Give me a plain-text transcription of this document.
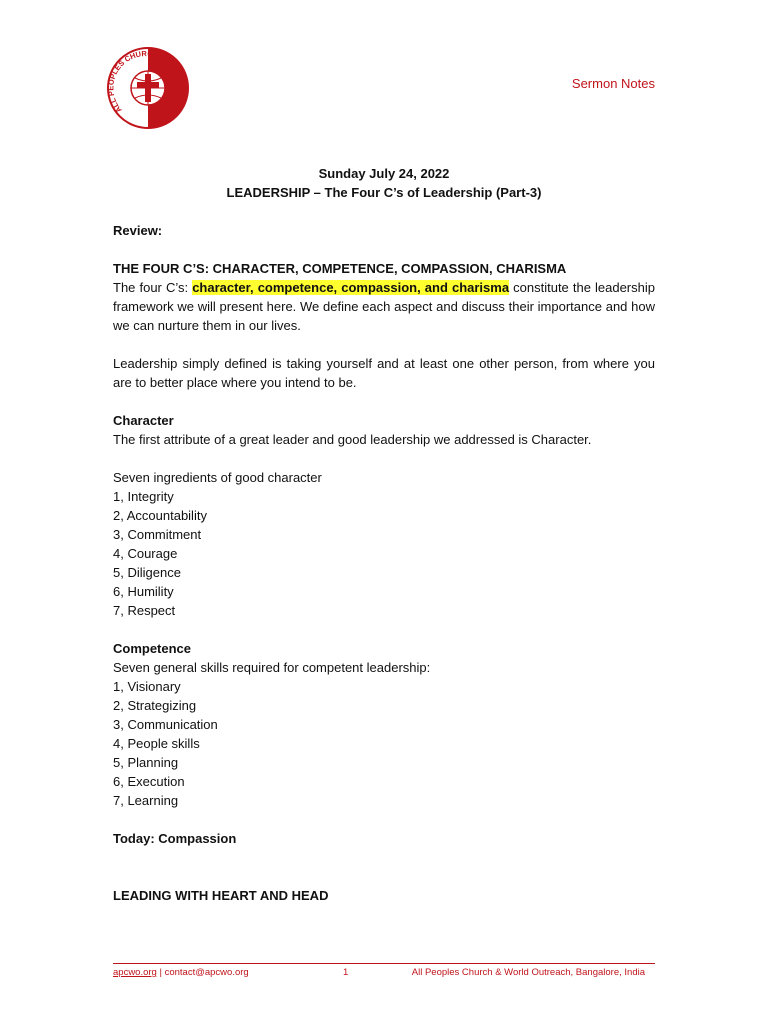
ALL PEOPLES CHURCH
Sermon Notes
Sunday July 24, 2022
LEADERSHIP – The Four C’s of Leadership (Part-3)
Review:
THE FOUR C’S: CHARACTER, COMPETENCE, COMPASSION, CHARISMA
The four C’s: character, competence, compassion, and charisma constitute the leadership framework we will present here. We define each aspect and discuss their importance and how we can nurture them in our lives.
Leadership simply defined is taking yourself and at least one other person, from where you are to better place where you intend to be.
Character
The first attribute of a great leader and good leadership we addressed is Character.
Seven ingredients of good character
1, Integrity
2, Accountability
3, Commitment
4, Courage
5, Diligence
6, Humility
7, Respect
Competence
Seven general skills required for competent leadership:
1, Visionary
2, Strategizing
3, Communication
4, People skills
5, Planning
6, Execution
7, Learning
Today: Compassion
LEADING WITH HEART AND HEAD
apcwo.org | contact@apcwo.org	1	All Peoples Church & World Outreach, Bangalore, India
